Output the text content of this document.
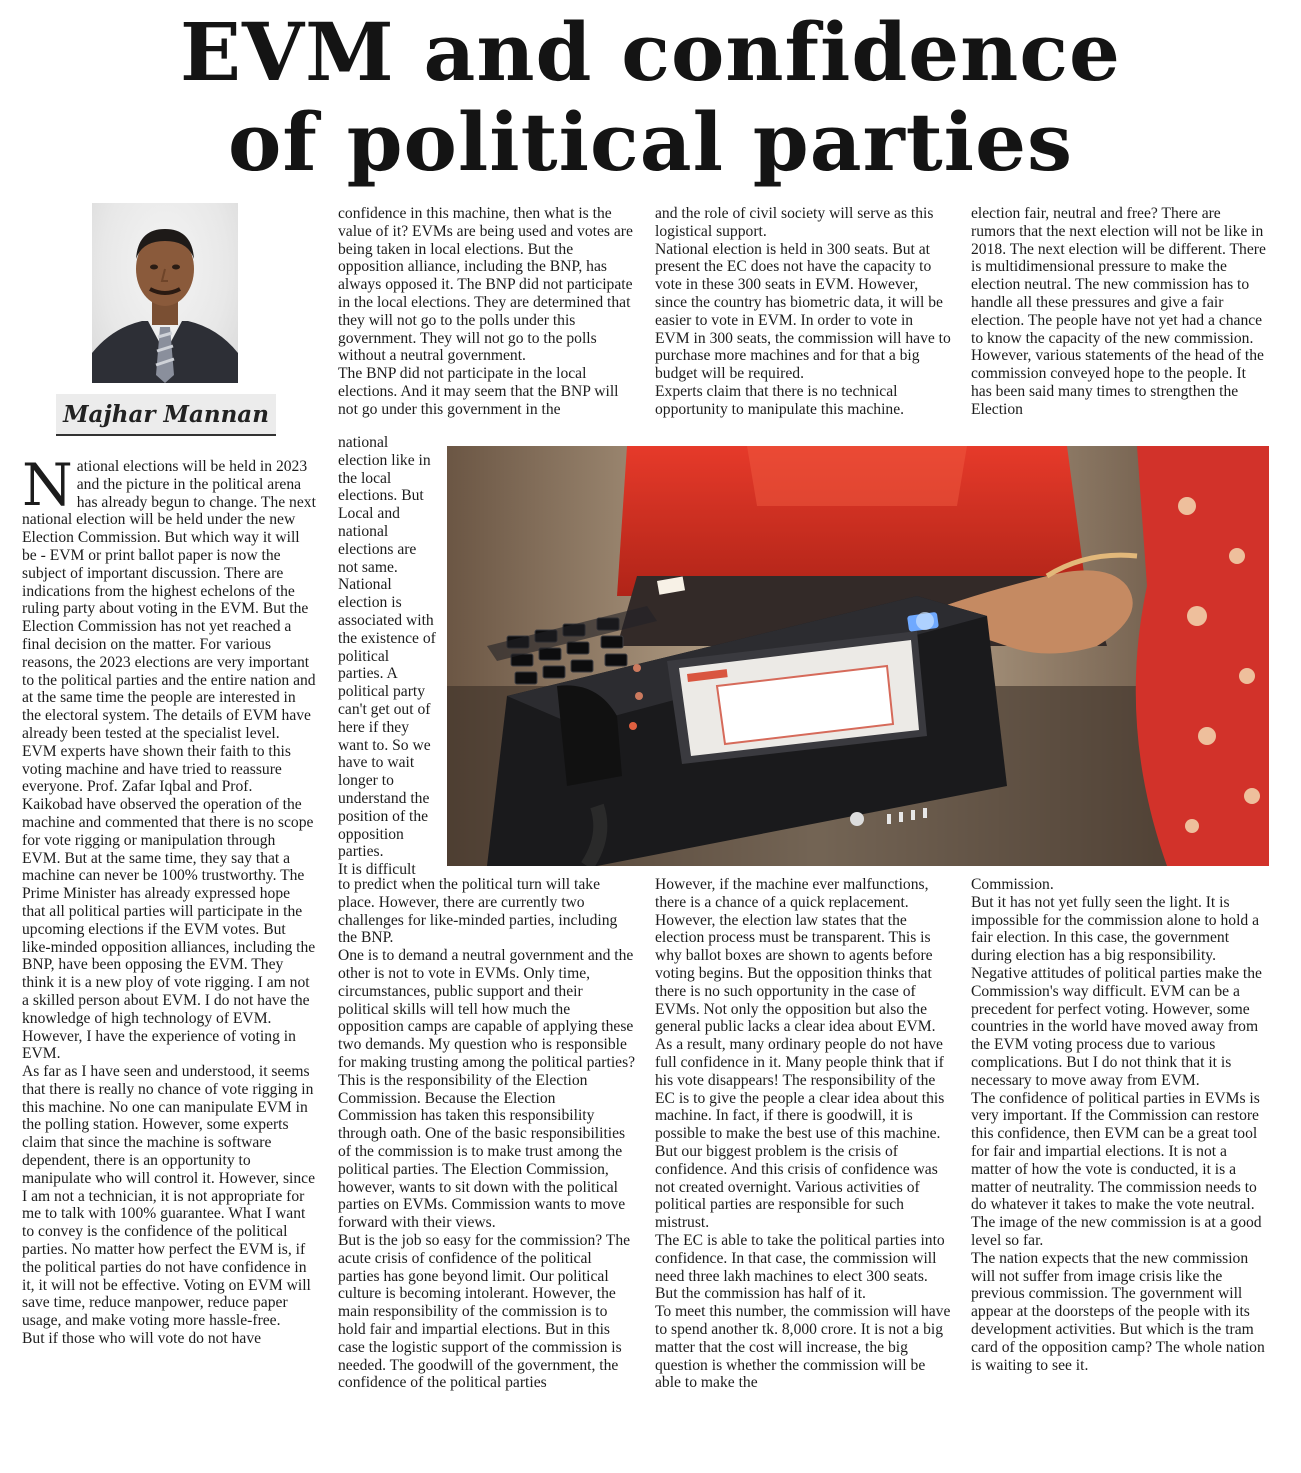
EVM and confidence
of political parties
Majhar Mannan

National elections will be held in 2023 and the picture in the political arena has already begun to change. The next national election will be held under the new Election Commission. But which way it will be - EVM or print ballot paper is now the subject of important discussion. There are indications from the highest echelons of the ruling party about voting in the EVM. But the Election Commission has not yet reached a final decision on the matter. For various reasons, the 2023 elections are very important to the political parties and the entire nation and at the same time the people are interested in the electoral system. The details of EVM have already been tested at the specialist level. EVM experts have shown their faith to this voting machine and have tried to reassure everyone. Prof. Zafar Iqbal and Prof. Kaikobad have observed the operation of the machine and commented that there is no scope for vote rigging or manipulation through EVM. But at the same time, they say that a machine can never be 100% trustworthy. The Prime Minister has already expressed hope that all political parties will participate in the upcoming elections if the EVM votes. But like-minded opposition alliances, including the BNP, have been opposing the EVM. They think it is a new ploy of vote rigging. I am not a skilled person about EVM. I do not have the knowledge of high technology of EVM. However, I have the experience of voting in EVM.

As far as I have seen and understood, it seems that there is really no chance of vote rigging in this machine. No one can manipulate EVM in the polling station. However, some experts claim that since the machine is software dependent, there is an opportunity to manipulate who will control it. However, since I am not a technician, it is not appropriate for me to talk with 100% guarantee. What I want to convey is the confidence of the political parties. No matter how perfect the EVM is, if the political parties do not have confidence in it, it will not be effective. Voting on EVM will save time, reduce manpower, reduce paper usage, and make voting more hassle-free.

But if those who will vote do not have

confidence in this machine, then what is the value of it? EVMs are being used and votes are being taken in local elections. But the opposition alliance, including the BNP, has always opposed it. The BNP did not participate in the local elections. They are determined that they will not go to the polls under this government. They will not go to the polls without a neutral government.

The BNP did not participate in the local elections. And it may seem that the BNP will not go under this government in the

national election like in the local elections. But Local and national elections are not same.

National election is associated with the existence of political parties. A political party can't get out of here if they want to. So we have to wait longer to understand the position of the opposition parties.

It is difficult

to predict when the political turn will take place. However, there are currently two challenges for like-minded parties, including the BNP.

One is to demand a neutral government and the other is not to vote in EVMs. Only time, circumstances, public support and their political skills will tell how much the opposition camps are capable of applying these two demands. My question who is responsible for making trusting among the political parties? This is the responsibility of the Election Commission. Because the Election Commission has taken this responsibility through oath. One of the basic responsibilities of the commission is to make trust among the political parties. The Election Commission, however, wants to sit down with the political parties on EVMs. Commission wants to move forward with their views.

But is the job so easy for the commission? The acute crisis of confidence of the political parties has gone beyond limit. Our political culture is becoming intolerant. However, the main responsibility of the commission is to hold fair and impartial elections. But in this case the logistic support of the commission is needed. The goodwill of the government, the confidence of the political parties

and the role of civil society will serve as this logistical support.

National election is held in 300 seats. But at present the EC does not have the capacity to vote in these 300 seats in EVM. However, since the country has biometric data, it will be easier to vote in EVM. In order to vote in EVM in 300 seats, the commission will have to purchase more machines and for that a big budget will be required.

Experts claim that there is no technical opportunity to manipulate this machine.

However, if the machine ever malfunctions, there is a chance of a quick replacement. However, the election law states that the election process must be transparent. This is why ballot boxes are shown to agents before voting begins. But the opposition thinks that there is no such opportunity in the case of EVMs. Not only the opposition but also the general public lacks a clear idea about EVM. As a result, many ordinary people do not have full confidence in it. Many people think that if his vote disappears! The responsibility of the EC is to give the people a clear idea about this machine. In fact, if there is goodwill, it is possible to make the best use of this machine. But our biggest problem is the crisis of confidence. And this crisis of confidence was not created overnight. Various activities of political parties are responsible for such mistrust.

The EC is able to take the political parties into confidence. In that case, the commission will need three lakh machines to elect 300 seats. But the commission has half of it.

To meet this number, the commission will have to spend another tk. 8,000 crore. It is not a big matter that the cost will increase, the big question is whether the commission will be able to make the

election fair, neutral and free? There are rumors that the next election will not be like in 2018. The next election will be different. There is multidimensional pressure to make the election neutral. The new commission has to handle all these pressures and give a fair election. The people have not yet had a chance to know the capacity of the new commission. However, various statements of the head of the commission conveyed hope to the people. It has been said many times to strengthen the Election

Commission.

But it has not yet fully seen the light. It is impossible for the commission alone to hold a fair election. In this case, the government during election has a big responsibility. Negative attitudes of political parties make the Commission's way difficult. EVM can be a precedent for perfect voting. However, some countries in the world have moved away from the EVM voting process due to various complications. But I do not think that it is necessary to move away from EVM.

The confidence of political parties in EVMs is very important. If the Commission can restore this confidence, then EVM can be a great tool for fair and impartial elections. It is not a matter of how the vote is conducted, it is a matter of neutrality. The commission needs to do whatever it takes to make the vote neutral. The image of the new commission is at a good level so far.

The nation expects that the new commission will not suffer from image crisis like the previous commission. The government will appear at the doorsteps of the people with its development activities. But which is the tram card of the opposition camp? The whole nation is waiting to see it.
